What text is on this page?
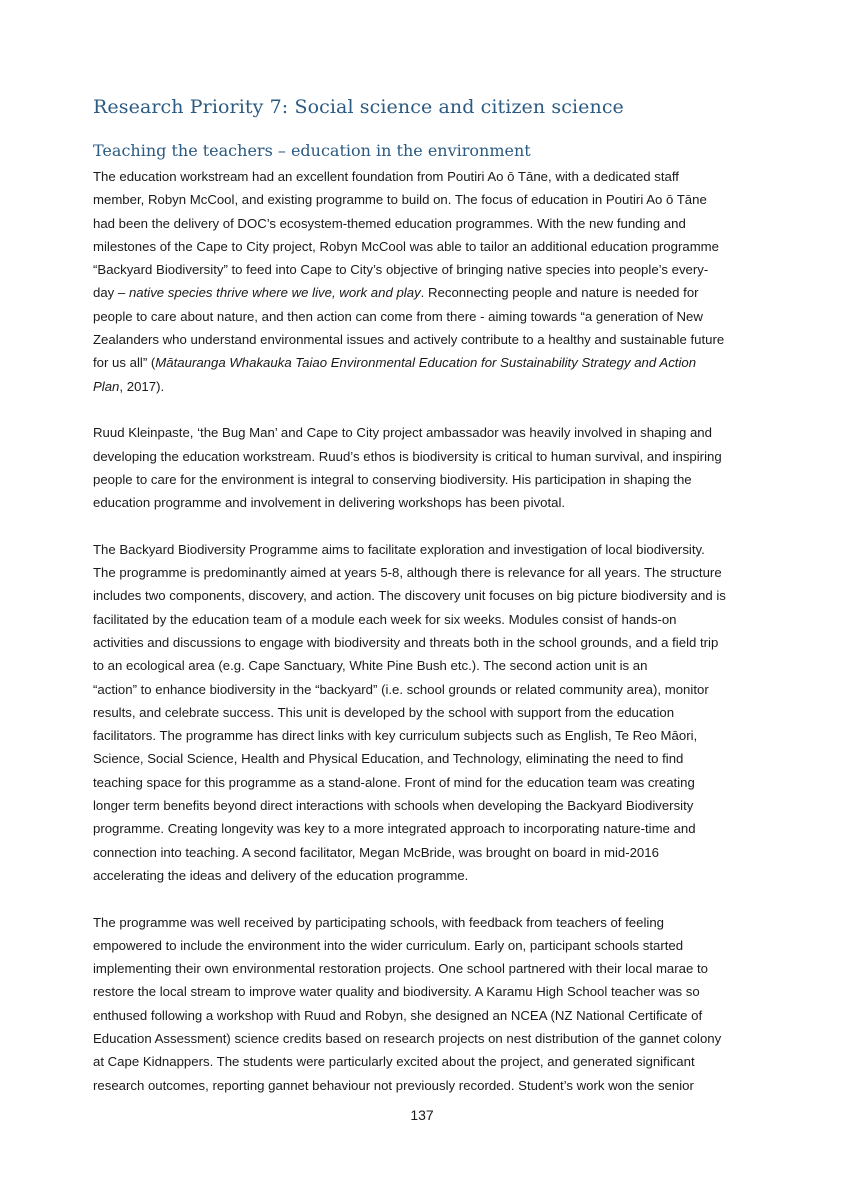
Research Priority 7: Social science and citizen science
Teaching the teachers – education in the environment

The education workstream had an excellent foundation from Poutiri Ao ō Tāne, with a dedicated staff
member, Robyn McCool, and existing programme to build on. The focus of education in Poutiri Ao ō Tāne
had been the delivery of DOC’s ecosystem-themed education programmes. With the new funding and
milestones of the Cape to City project, Robyn McCool was able to tailor an additional education programme
“Backyard Biodiversity” to feed into Cape to City’s objective of bringing native species into people’s every-
day – native species thrive where we live, work and play. Reconnecting people and nature is needed for
people to care about nature, and then action can come from there - aiming towards “a generation of New
Zealanders who understand environmental issues and actively contribute to a healthy and sustainable future
for us all” (Mātauranga Whakauka Taiao Environmental Education for Sustainability Strategy and Action
Plan, 2017).

Ruud Kleinpaste, ‘the Bug Man’ and Cape to City project ambassador was heavily involved in shaping and
developing the education workstream. Ruud’s ethos is biodiversity is critical to human survival, and inspiring
people to care for the environment is integral to conserving biodiversity. His participation in shaping the
education programme and involvement in delivering workshops has been pivotal.

The Backyard Biodiversity Programme aims to facilitate exploration and investigation of local biodiversity.
The programme is predominantly aimed at years 5-8, although there is relevance for all years. The structure
includes two components, discovery, and action. The discovery unit focuses on big picture biodiversity and is
facilitated by the education team of a module each week for six weeks. Modules consist of hands-on
activities and discussions to engage with biodiversity and threats both in the school grounds, and a field trip
to an ecological area (e.g. Cape Sanctuary, White Pine Bush etc.). The second action unit is an
“action” to enhance biodiversity in the “backyard” (i.e. school grounds or related community area), monitor
results, and celebrate success. This unit is developed by the school with support from the education
facilitators. The programme has direct links with key curriculum subjects such as English, Te Reo Māori,
Science, Social Science, Health and Physical Education, and Technology, eliminating the need to find
teaching space for this programme as a stand-alone. Front of mind for the education team was creating
longer term benefits beyond direct interactions with schools when developing the Backyard Biodiversity
programme. Creating longevity was key to a more integrated approach to incorporating nature-time and
connection into teaching. A second facilitator, Megan McBride, was brought on board in mid-2016
accelerating the ideas and delivery of the education programme.

The programme was well received by participating schools, with feedback from teachers of feeling
empowered to include the environment into the wider curriculum. Early on, participant schools started
implementing their own environmental restoration projects. One school partnered with their local marae to
restore the local stream to improve water quality and biodiversity. A Karamu High School teacher was so
enthused following a workshop with Ruud and Robyn, she designed an NCEA (NZ National Certificate of
Education Assessment) science credits based on research projects on nest distribution of the gannet colony
at Cape Kidnappers. The students were particularly excited about the project, and generated significant
research outcomes, reporting gannet behaviour not previously recorded. Student’s work won the senior

137
